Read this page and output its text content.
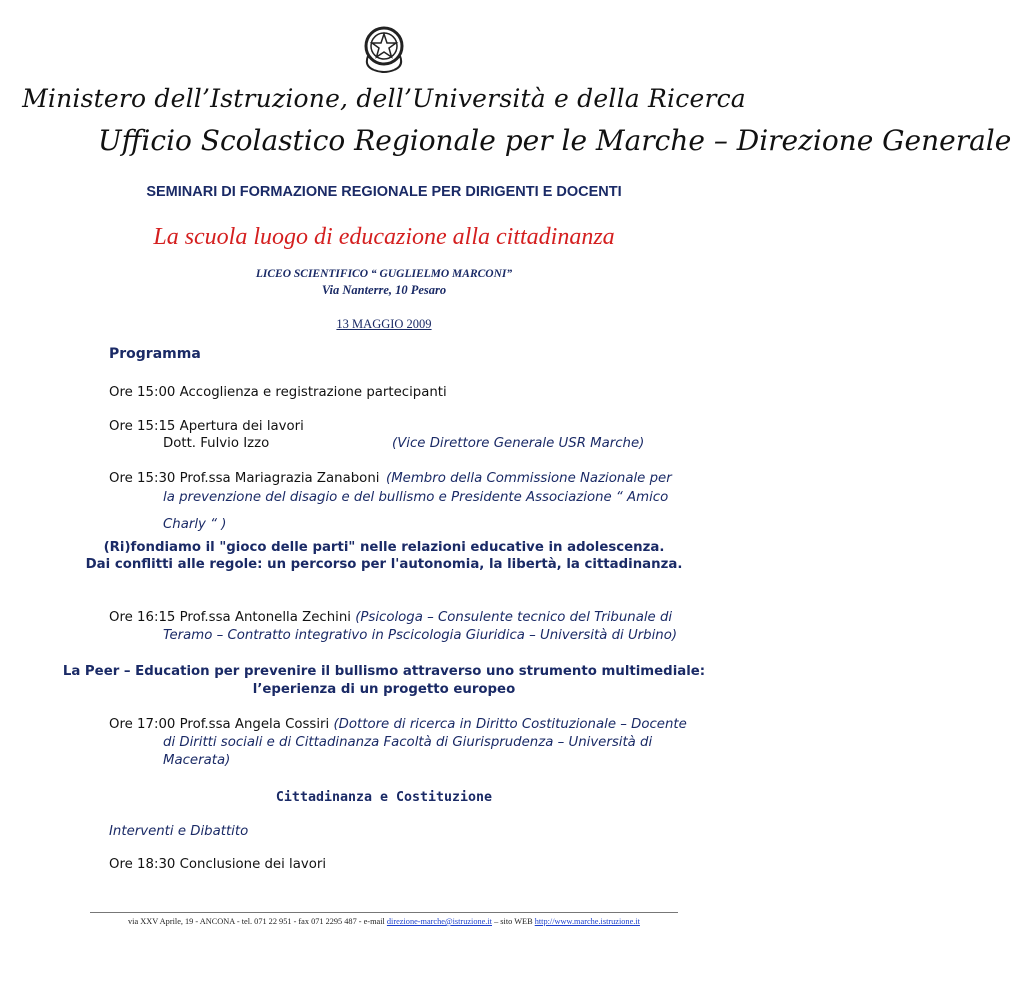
Ministero dell’Istruzione, dell’Università e della Ricerca
Ufficio Scolastico Regionale per le Marche – Direzione Generale
SEMINARI DI FORMAZIONE REGIONALE PER DIRIGENTI E DOCENTI
La scuola luogo di educazione alla cittadinanza
LICEO SCIENTIFICO “ GUGLIELMO MARCONI”
Via Nanterre, 10 Pesaro
13 MAGGIO 2009
Programma
Ore 15:00 Accoglienza e registrazione partecipanti
Ore 15:15 Apertura dei lavori
Dott. Fulvio Izzo	(Vice Direttore Generale USR Marche)
Ore 15:30 Prof.ssa Mariagrazia Zanaboni (Membro della Commissione Nazionale per
la prevenzione del disagio e del bullismo e Presidente Associazione “ Amico
Charly “ )
(Ri)fondiamo il "gioco delle parti" nelle relazioni educative in adolescenza.
Dai conflitti alle regole: un percorso per l'autonomia, la libertà, la cittadinanza.
Ore 16:15 Prof.ssa Antonella Zechini (Psicologa – Consulente tecnico del Tribunale di
Teramo – Contratto integrativo in Pscicologia Giuridica – Università di Urbino)
La Peer – Education per prevenire il bullismo attraverso uno strumento multimediale:
l’eperienza di un progetto europeo
Ore 17:00 Prof.ssa Angela Cossiri (Dottore di ricerca in Diritto Costituzionale – Docente
di Diritti sociali e di Cittadinanza Facoltà di Giurisprudenza – Università di
Macerata)
Cittadinanza e Costituzione
Interventi e Dibattito
Ore 18:30 Conclusione dei lavori
via XXV Aprile, 19 - ANCONA - tel. 071 22 951 - fax 071 2295 487 - e-mail direzione-marche@istruzione.it – sito WEB http://www.marche.istruzione.it
